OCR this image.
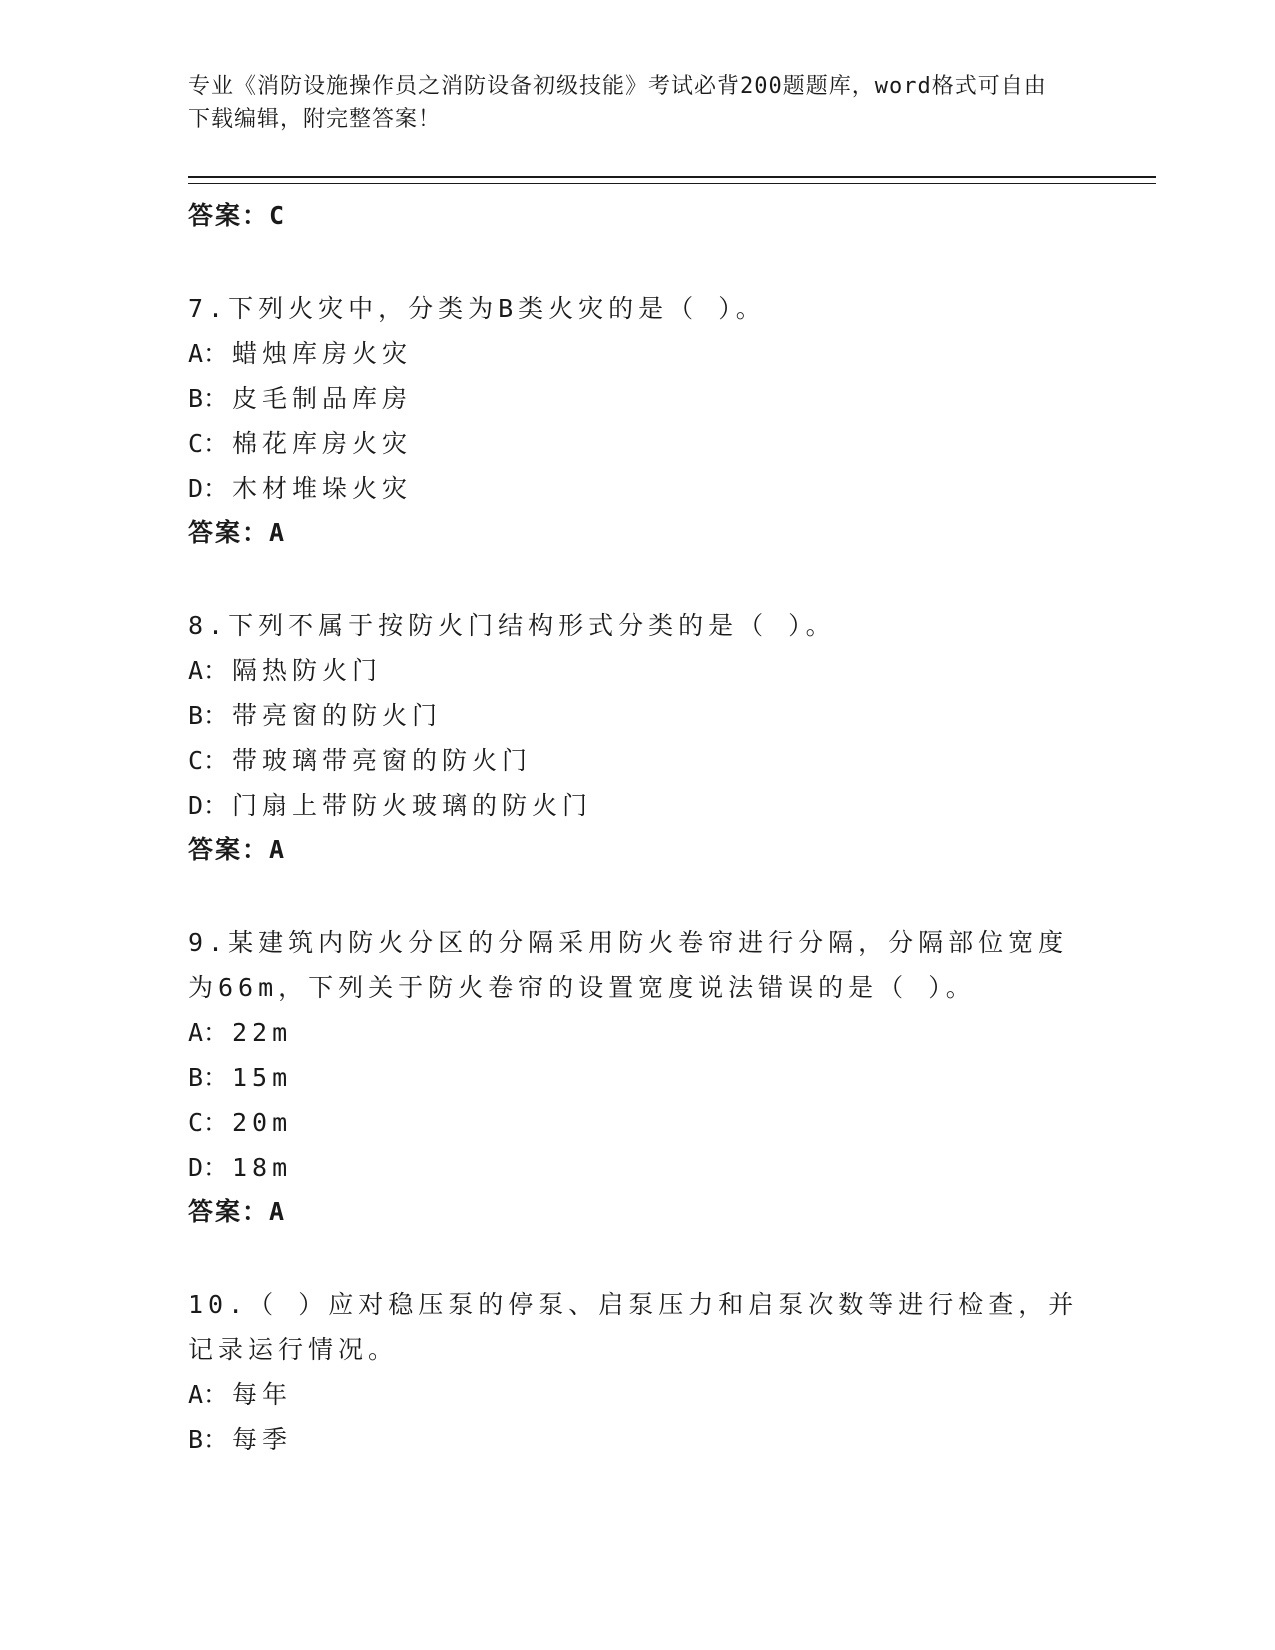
专业《消防设施操作员之消防设备初级技能》考试必背200题题库，word格式可自由下载编辑，附完整答案！

答案：C

7.下列火灾中，分类为B类火灾的是（ ）。

A： 蜡烛库房火灾

B： 皮毛制品库房

C： 棉花库房火灾

D： 木材堆垛火灾

答案：A

8.下列不属于按防火门结构形式分类的是（ ）。

A： 隔热防火门

B： 带亮窗的防火门

C： 带玻璃带亮窗的防火门

D： 门扇上带防火玻璃的防火门

答案：A

9.某建筑内防火分区的分隔采用防火卷帘进行分隔，分隔部位宽度为66m，下列关于防火卷帘的设置宽度说法错误的是（ ）。

A： 22m

B： 15m

C： 20m

D： 18m

答案：A

10.（ ）应对稳压泵的停泵、启泵压力和启泵次数等进行检查，并记录运行情况。

A： 每年

B： 每季
